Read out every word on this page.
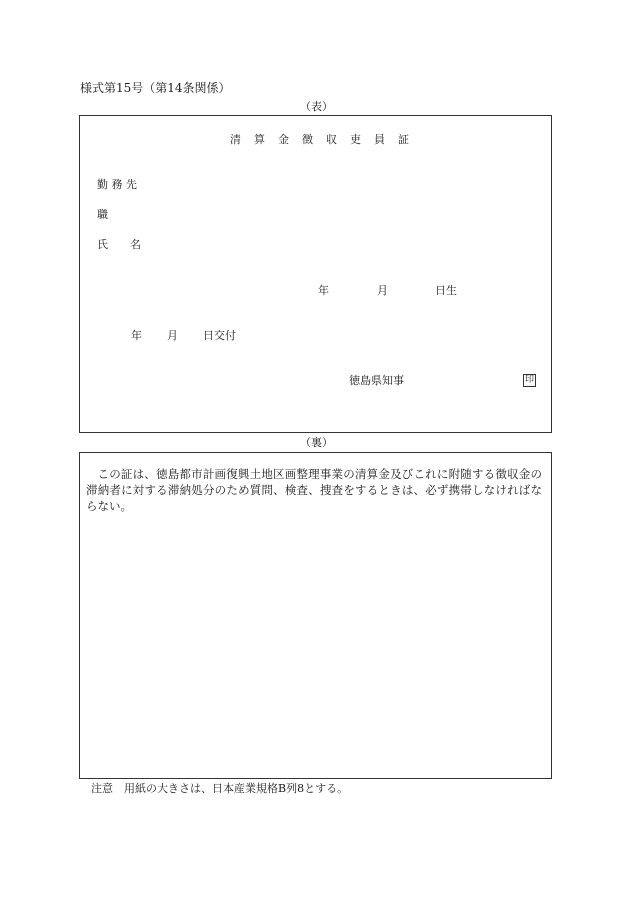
様式第15号（第14条関係）
（表）
清　算　金　徴　収　吏　員　証
勤 務 先
職
氏　　名
年	月	日生
年 月 日交付
徳島県知事	印
（裏）
この証は、徳島都市計画復興土地区画整理事業の清算金及びこれに附随する徴収金の滞納者に対する滞納処分のため質問、検査、捜査をするときは、必ず携帯しなければならない。
注意　用紙の大きさは、日本産業規格B列8とする。
